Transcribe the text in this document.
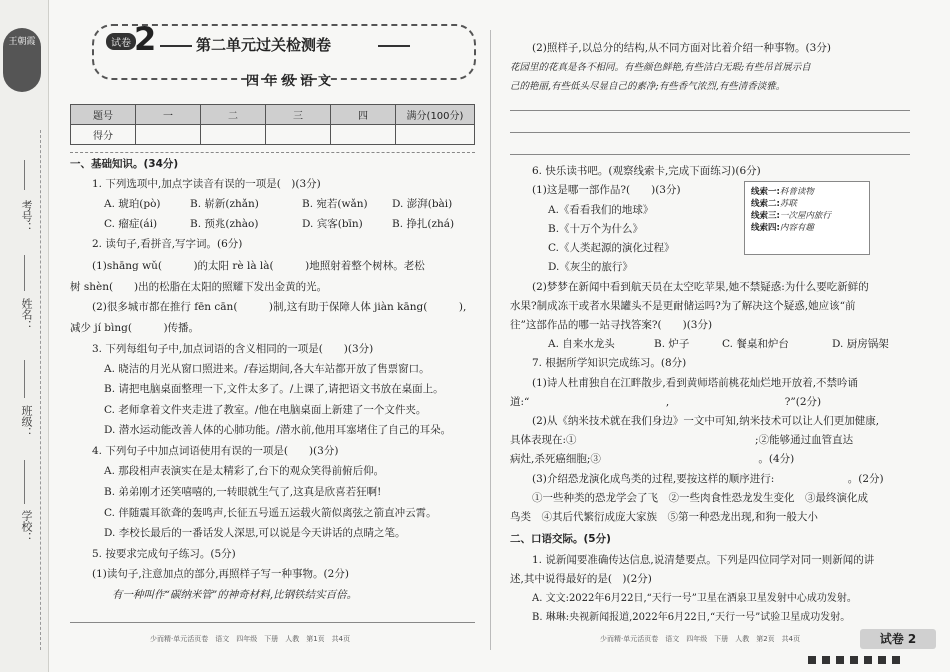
王朝霞
考号：
姓名：
班级：
学校：
试卷 2	第二单元过关检测卷
四年级语文
题号	一	二	三	四	满分(100分)
得分					
一、基础知识。(34分)
1. 下列选项中,加点字读音有误的一项是(　)(3分)
A. 琥珀(pò)	B. 崭新(zhǎn)	B. 宛若(wǎn) D. 澎湃(bài)
C. 瘤症(ái)	B. 预兆(zhào)	D. 宾客(bīn)	B. 挣扎(zhá)
2. 读句子,看拼音,写字词。(6分)
(1)shāng wǔ(　　　)的太阳 rè là là(　　　)地照射着整个树林。老松
树 shèn(　　)出的松脂在太阳的照耀下发出金黄的光。
(2)很多城市都在推行 fēn cān(　　　)制,这有助于保障人体 jiàn kāng(　　　),
减少 jí bìng(　　　)传播。
3. 下列每组句子中,加点词语的含义相同的一项是(　　)(3分)
A. 晓洁的月光从窗口照进来。/春运期间,各大车站都开放了售票窗口。
B. 请把电脑桌面整理一下,文件太多了。/上课了,请把语文书放在桌面上。
C. 老师拿着文件夹走进了教室。/他在电脑桌面上新建了一个文件夹。
D. 潜水运动能改善人体的心肺功能。/潜水前,他用耳塞堵住了自己的耳朵。
4. 下列句子中加点词语使用有误的一项是(　　)(3分)
A. 那段相声表演实在是太精彩了,台下的观众笑得前俯后仰。
B. 弟弟刚才还笑嘻嘻的,一转眼就生气了,这真是欣喜若狂啊!
C. 伴随震耳欲聋的轰鸣声,长征五号遥五运载火箭似离弦之箭直冲云霄。
D. 李校长最后的一番话发人深思,可以说是今天讲话的点睛之笔。
5. 按要求完成句子练习。(5分)
(1)读句子,注意加点的部分,再照样子写一种事物。(2分)
有一种叫作“碳纳米管”的神奇材料,比钢铁结实百倍。
少而精·单元活页卷　语文　四年级　下册　人教　第1页　共4页
(2)照样子,以总分的结构,从不同方面对比着介绍一种事物。(3分)
花园里的花真是各不相同。有些颜色鲜艳,有些洁白无瑕;有些吊首展示自
己的艳丽,有些低头尽显自己的素净;有些香气浓烈,有些清香淡雅。
6. 快乐读书吧。(观察线索卡,完成下面练习)(6分)
(1)这是哪一部作品?(　　)(3分)
A.《看看我们的地球》
B.《十万个为什么》
C.《人类起源的演化过程》
D.《灰尘的旅行》
线索一:科普读物
线索二:苏联
线索三:一次屋内旅行
线索四:内容有趣
(2)梦梦在新闻中看到航天员在太空吃苹果,她不禁疑惑:为什么要吃新鲜的
水果?制成冻干或者水果罐头不是更耐储运吗?为了解决这个疑惑,她应该“前
往”这部作品的哪一站寻找答案?(　　)(3分)
A. 自来水龙头	B. 炉子	C. 餐桌和炉台	D. 厨房锅架
7. 根据所学知识完成练习。(8分)
(1)诗人杜甫独自在江畔散步,看到黄师塔前桃花灿烂地开放着,不禁吟诵
道:“　　　　　　　　　　　　　,　　　　　　　　　　　?”(2分)
(2)从《纳米技术就在我们身边》一文中可知,纳米技术可以让人们更加健康,
具体表现在:①　　　　　　　　　　　　　　　　　;②能够通过血管直达
病灶,杀死癌细胞;③　　　　　　　　　　　　　　　。(4分)
(3)介绍恐龙演化成鸟类的过程,要按这样的顺序进行:　　　　　　　。(2分)
①一些种类的恐龙学会了飞　②一些肉食性恐龙发生变化　③最终演化成
鸟类　④其后代繁衍成庞大家族　⑤第一种恐龙出现,和狗一般大小
二、口语交际。(5分)
1. 说新闻要准确传达信息,说清楚要点。下列是四位同学对同一则新闻的讲
述,其中说得最好的是(　)(2分)
A. 文文:2022年6月22日,“天行一号”卫星在酒泉卫星发射中心成功发射。
B. 琳琳:央视新闻报道,2022年6月22日,“天行一号”试验卫星成功发射。
少而精·单元活页卷　语文　四年级　下册　人教　第2页　共4页	试卷 2
